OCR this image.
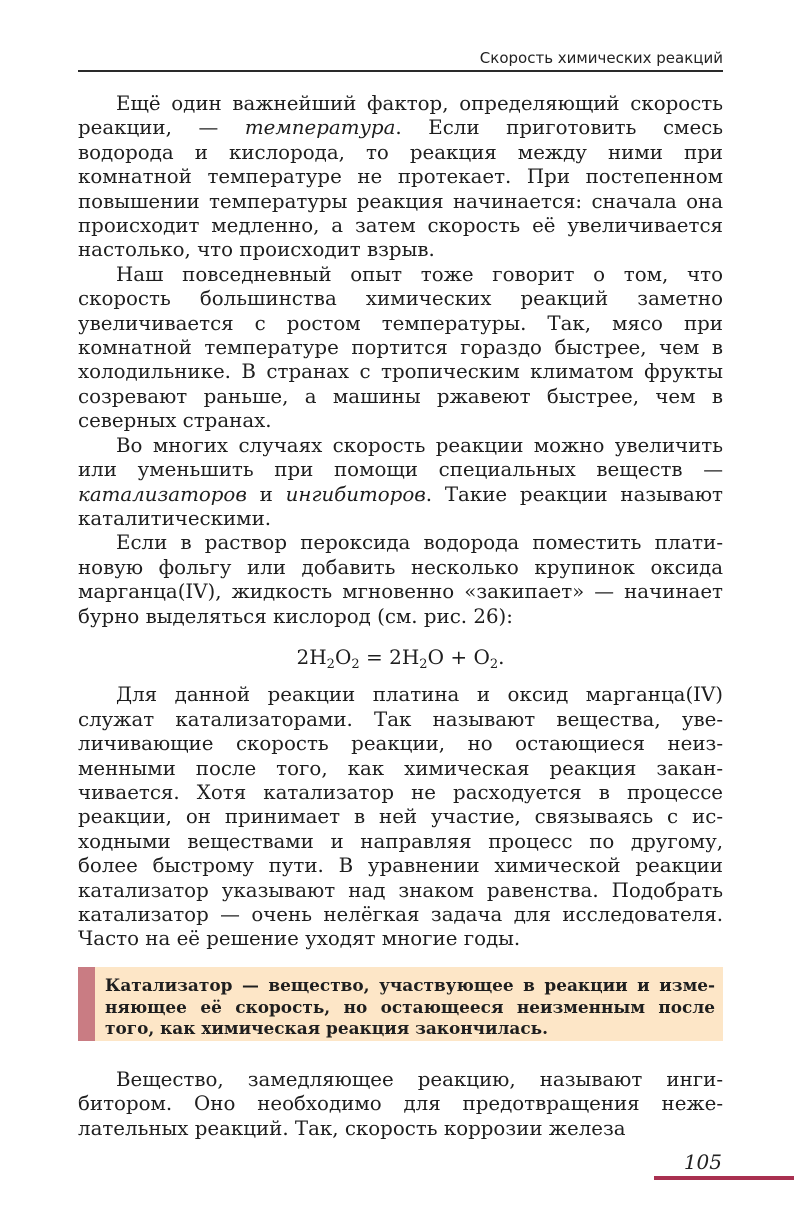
Скорость химических реакций

Ещё один важнейший фактор, определяющий скорость реакции, — температура. Если приготовить смесь водорода и кислорода, то реакция между ними при комнатной температуре не протекает. При постепенном повышении температуры реакция начинается: сначала она происходит медленно, а затем скорость её увеличивается настолько, что происходит взрыв.

Наш повседневный опыт тоже говорит о том, что скорость большинства химических реакций заметно увеличивается с ростом температуры. Так, мясо при комнатной температуре портится гораздо быстрее, чем в холодильнике. В странах с тропическим климатом фрукты созревают раньше, а машины ржавеют быстрее, чем в северных странах.

Во многих случаях скорость реакции можно увеличить или уменьшить при помощи специальных веществ — катализаторов и ингибиторов. Такие реакции называют каталитическими.

Если в раствор пероксида водорода поместить платиновую фольгу или добавить несколько крупинок оксида марганца(IV), жидкость мгновенно «закипает» — начинает бурно выделяться кислород (см. рис. 26):

$2H_2O_2 = 2H_2O + O_2$.

Для данной реакции платина и оксид марганца(IV) служат катализаторами. Так называют вещества, увеличивающие скорость реакции, но остающиеся неизменными после того, как химическая реакция заканчивается. Хотя катализатор не расходуется в процессе реакции, он принимает в ней участие, связываясь с исходными веществами и направляя процесс по другому, более быстрому пути. В уравнении химической реакции катализатор указывают над знаком равенства. Подобрать катализатор — очень нелёгкая задача для исследователя. Часто на её решение уходят многие годы.

Катализатор — вещество, участвующее в реакции и изменяющее её скорость, но остающееся неизменным после того, как химическая реакция закончилась.

Вещество, замедляющее реакцию, называют ингибитором. Оно необходимо для предотвращения нежелательных реакций. Так, скорость коррозии железа

105
